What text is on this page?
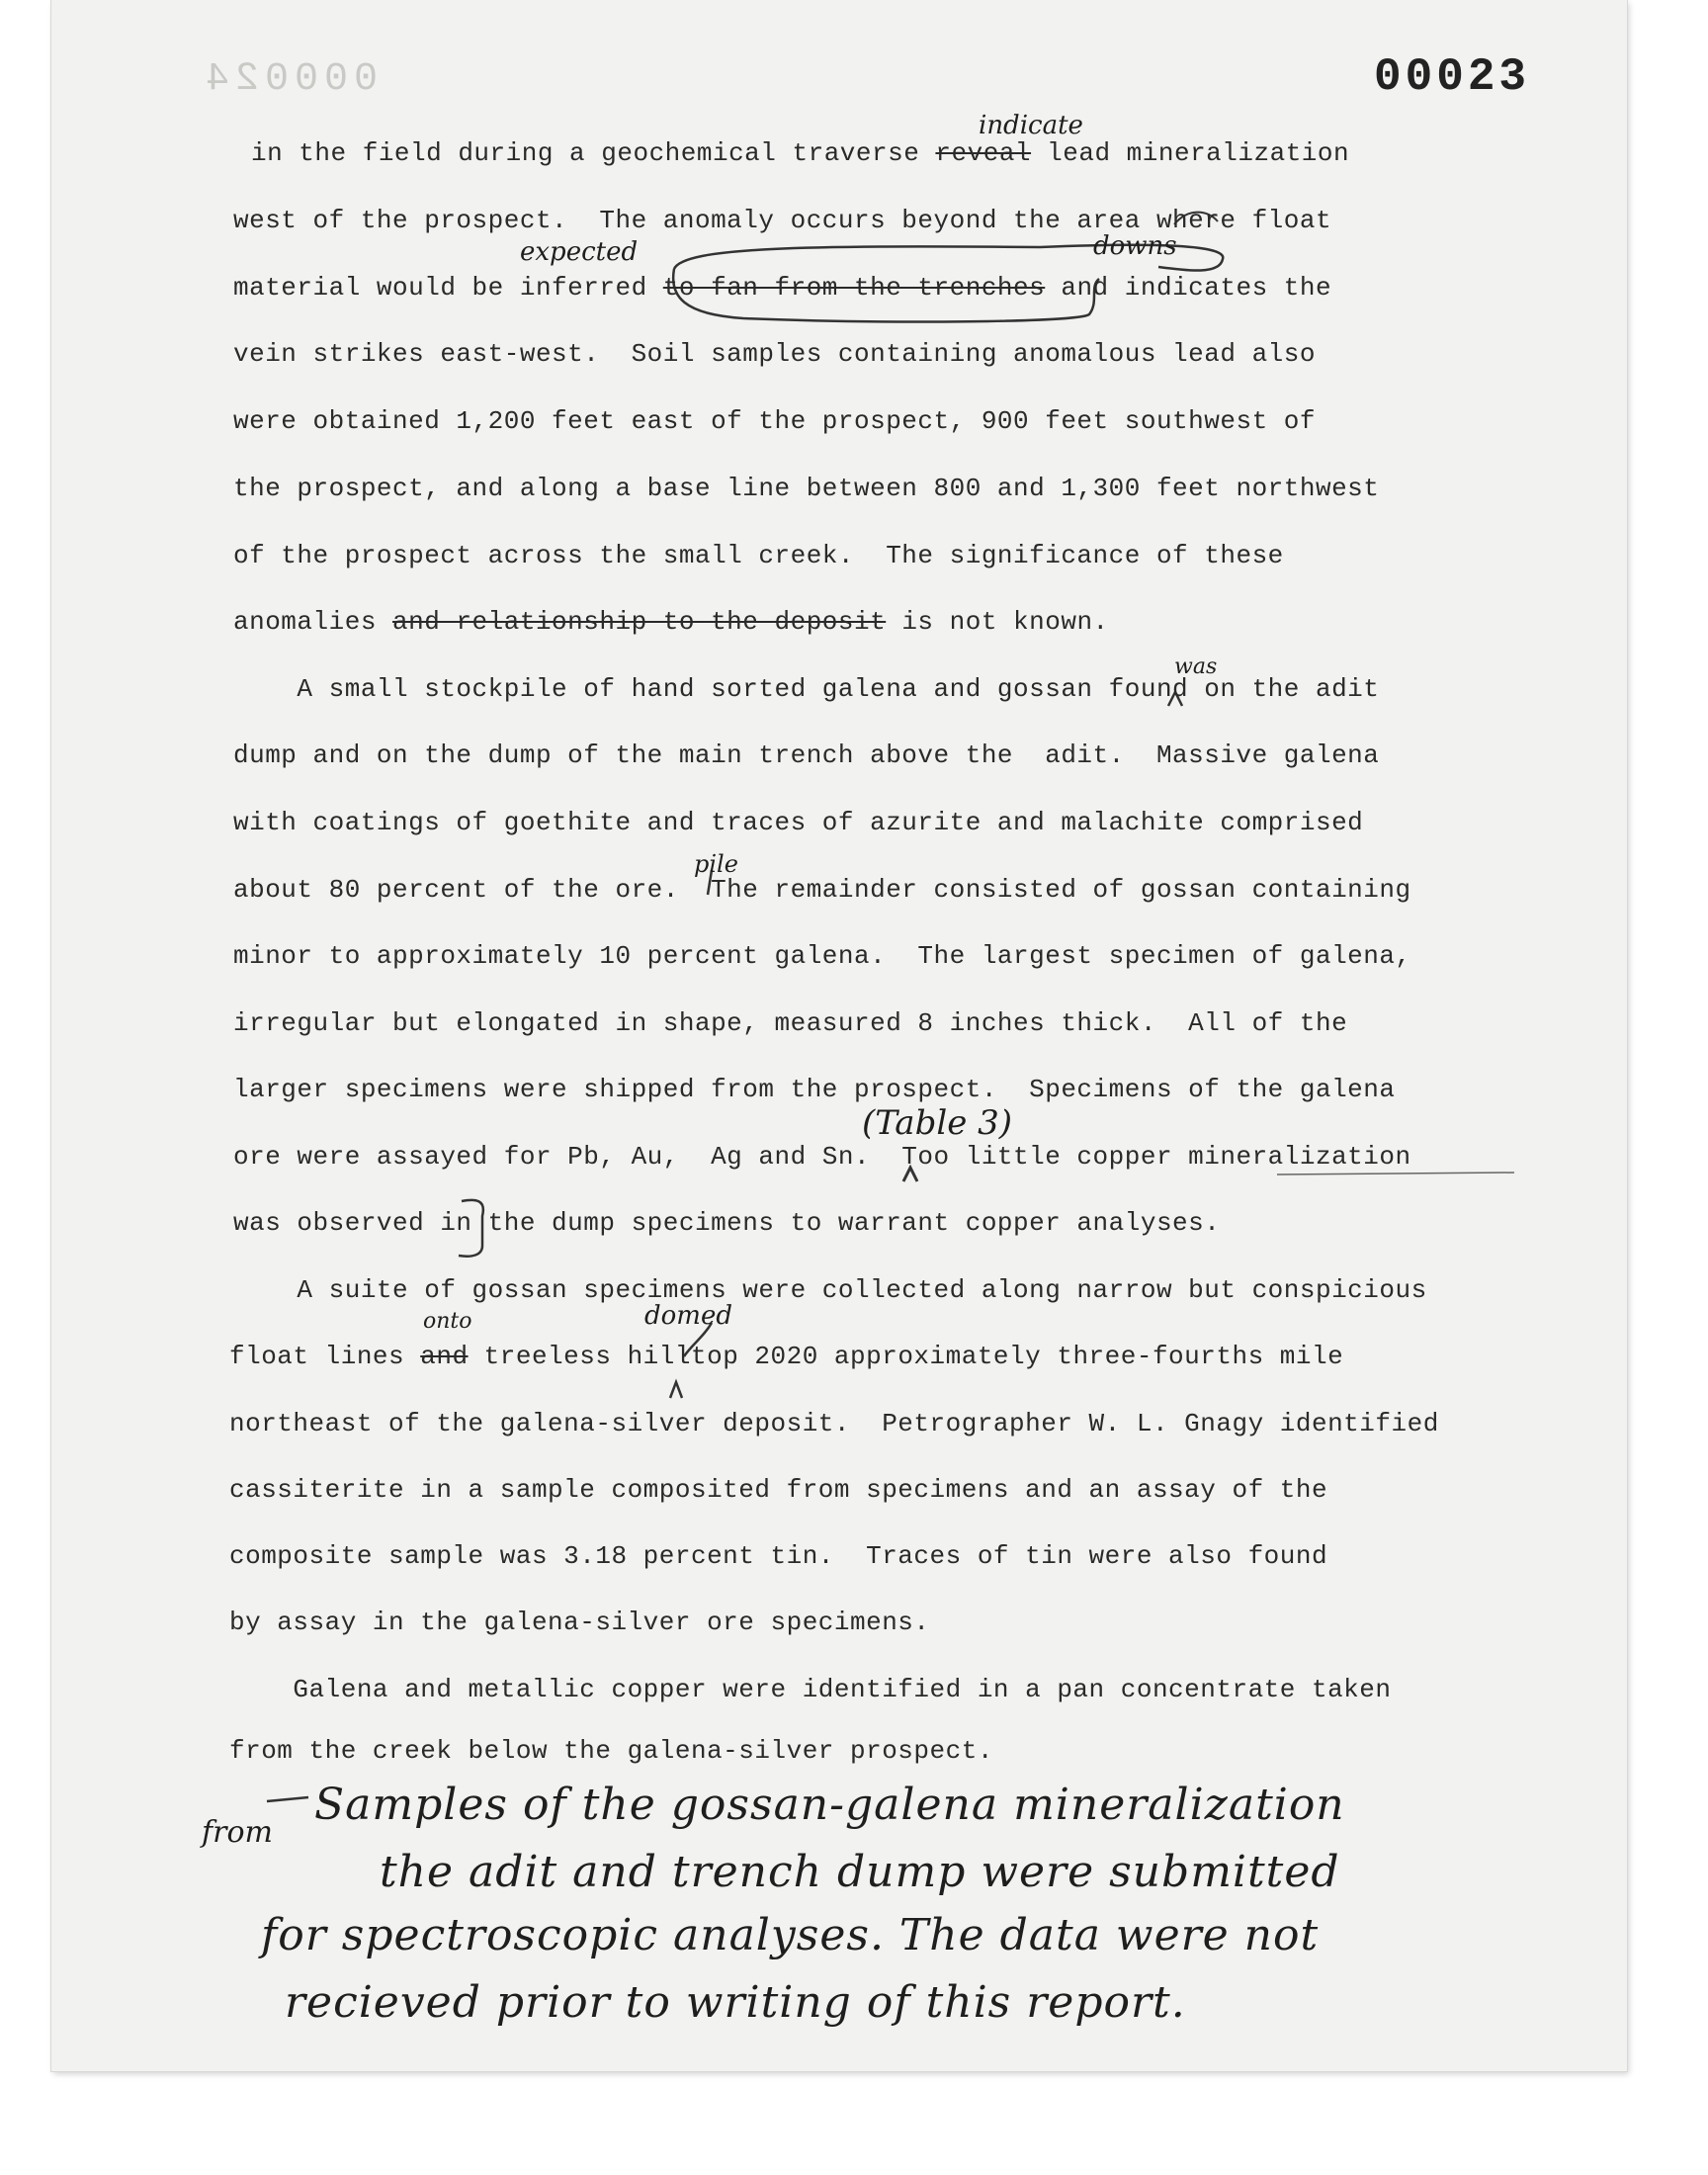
000024	00023
in the field during a geochemical traverse reveal lead mineralization
west of the prospect.  The anomaly occurs beyond the area where float
material would be inferred to fan from the trenches and indicates the
vein strikes east-west.  Soil samples containing anomalous lead also
were obtained 1,200 feet east of the prospect, 900 feet southwest of
the prospect, and along a base line between 800 and 1,300 feet northwest
of the prospect across the small creek.  The significance of these
anomalies and relationship to the deposit is not known.
A small stockpile of hand sorted galena and gossan found on the adit
dump and on the dump of the main trench above the  adit.  Massive galena
with coatings of goethite and traces of azurite and malachite comprised
about 80 percent of the ore.  The remainder consisted of gossan containing
minor to approximately 10 percent galena.  The largest specimen of galena,
irregular but elongated in shape, measured 8 inches thick.  All of the
larger specimens were shipped from the prospect.  Specimens of the galena
ore were assayed for Pb, Au,  Ag and Sn.  Too little copper mineralization
was observed in the dump specimens to warrant copper analyses.
A suite of gossan specimens were collected along narrow but conspicious
float lines and treeless hilltop 2020 approximately three-fourths mile
northeast of the galena-silver deposit.  Petrographer W. L. Gnagy identified
cassiterite in a sample composited from specimens and an assay of the
composite sample was 3.18 percent tin.  Traces of tin were also found
by assay in the galena-silver ore specimens.
Galena and metallic copper were identified in a pan concentrate taken
from the creek below the galena-silver prospect.
indicate
expected	downs
was
pile
(Table 3)
onto	domed
from
Samples of the gossan-galena mineralization
the adit and trench dump were submitted
for spectroscopic analyses. The data were not
recieved prior to writing of this report.
